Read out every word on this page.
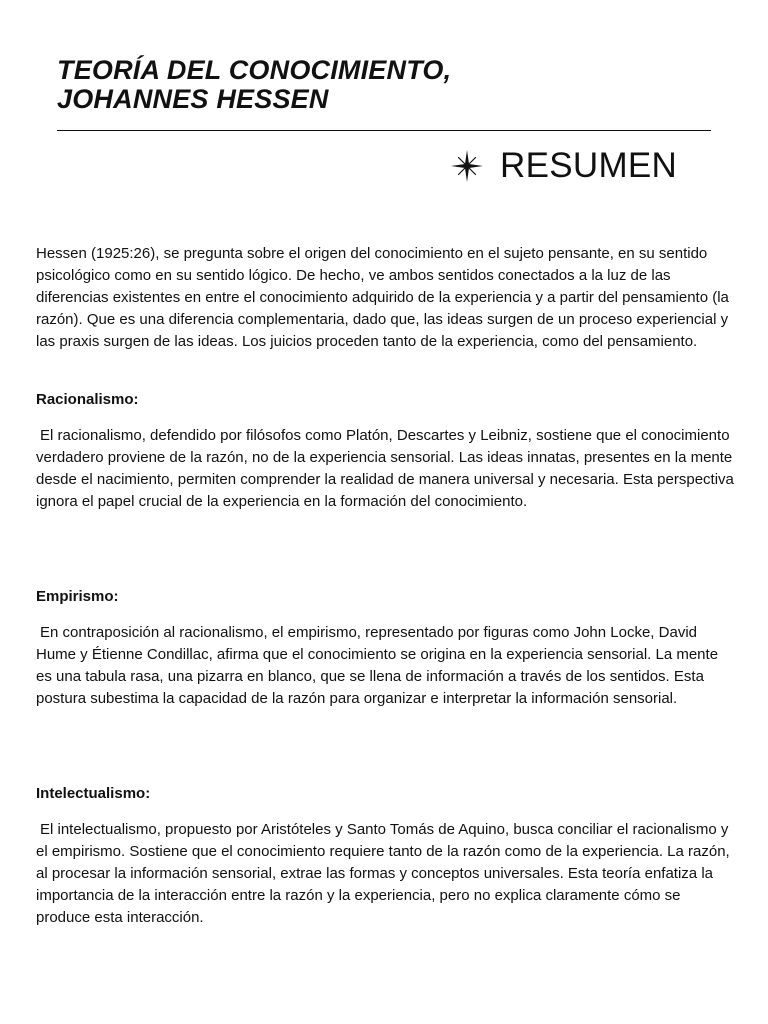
TEORÍA DEL CONOCIMIENTO,
JOHANNES HESSEN
RESUMEN

Hessen (1925:26), se pregunta sobre el origen del conocimiento en el sujeto pensante, en su sentido psicológico como en su sentido lógico. De hecho, ve ambos sentidos conectados a la luz de las diferencias existentes en entre el conocimiento adquirido de la experiencia y a partir del pensamiento (la razón). Que es una diferencia complementaria, dado que, las ideas surgen de un proceso experiencial y las praxis surgen de las ideas. Los juicios proceden tanto de la experiencia, como del pensamiento.

Racionalismo:

El racionalismo, defendido por filósofos como Platón, Descartes y Leibniz, sostiene que el conocimiento verdadero proviene de la razón, no de la experiencia sensorial. Las ideas innatas, presentes en la mente desde el nacimiento, permiten comprender la realidad de manera universal y necesaria. Esta perspectiva ignora el papel crucial de la experiencia en la formación del conocimiento.

Empirismo:

En contraposición al racionalismo, el empirismo, representado por figuras como John Locke, David Hume y Étienne Condillac, afirma que el conocimiento se origina en la experiencia sensorial. La mente es una tabula rasa, una pizarra en blanco, que se llena de información a través de los sentidos. Esta postura subestima la capacidad de la razón para organizar e interpretar la información sensorial.

Intelectualismo:

El intelectualismo, propuesto por Aristóteles y Santo Tomás de Aquino, busca conciliar el racionalismo y el empirismo. Sostiene que el conocimiento requiere tanto de la razón como de la experiencia. La razón, al procesar la información sensorial, extrae las formas y conceptos universales. Esta teoría enfatiza la importancia de la interacción entre la razón y la experiencia, pero no explica claramente cómo se produce esta interacción.
